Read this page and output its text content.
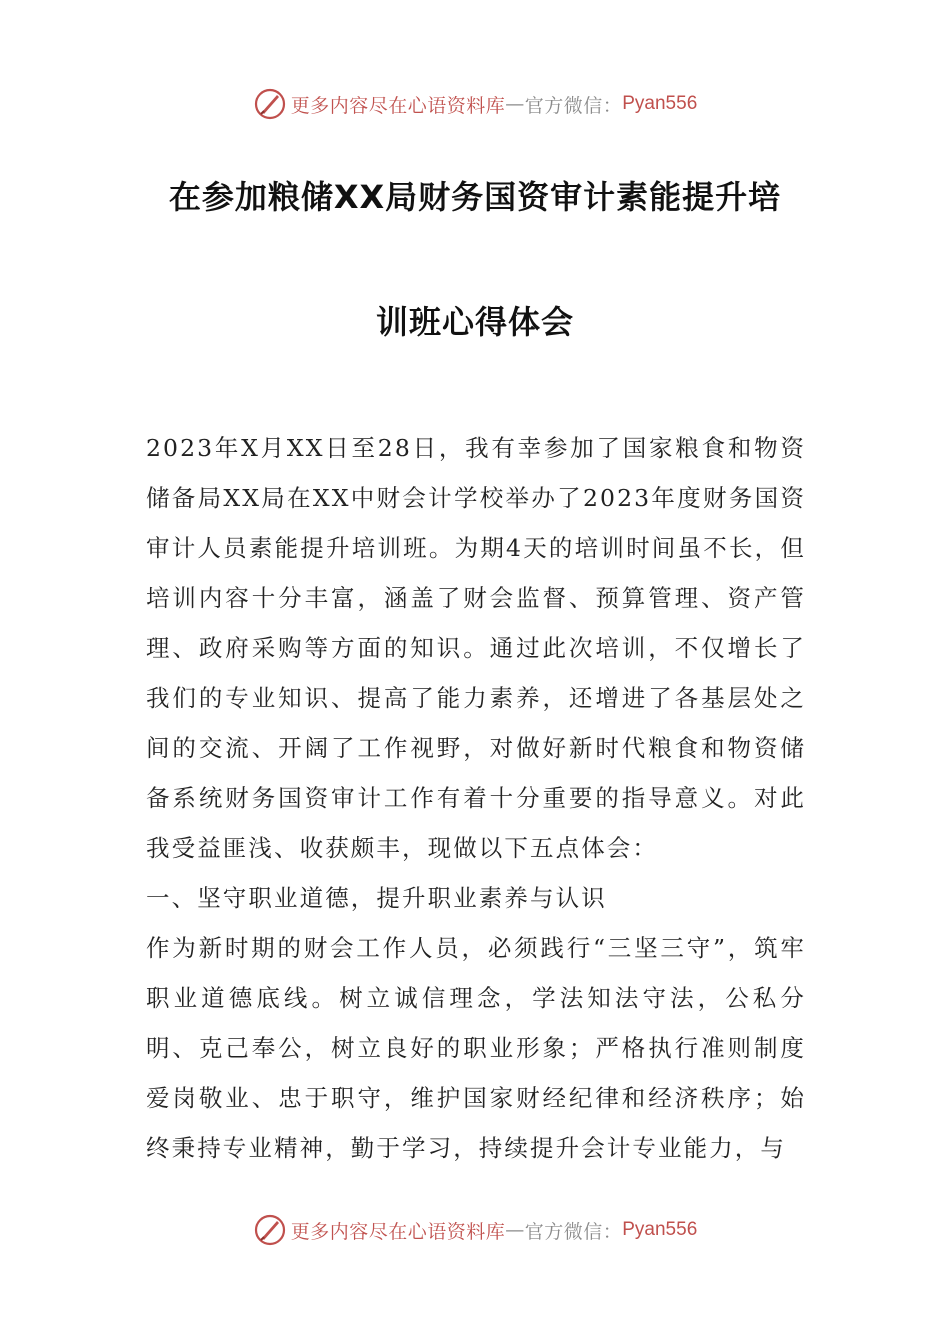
更多内容尽在心语资料库 — 官方微信： Pyan556
在参加粮储XX局财务国资审计素能提升培
训班心得体会

2023年X月XX日至28日，我有幸参加了国家粮食和物资储备局XX局在XX中财会计学校举办了2023年度财务国资审计人员素能提升培训班。为期4天的培训时间虽不长，但培训内容十分丰富，涵盖了财会监督、预算管理、资产管理、政府采购等方面的知识。通过此次培训，不仅增长了我们的专业知识、提高了能力素养，还增进了各基层处之间的交流、开阔了工作视野，对做好新时代粮食和物资储备系统财务国资审计工作有着十分重要的指导意义。对此我受益匪浅、收获颇丰，现做以下五点体会：

一、坚守职业道德，提升职业素养与认识

作为新时期的财会工作人员，必须践行“三坚三守”，筑牢职业道德底线。树立诚信理念，学法知法守法，公私分明、克己奉公，树立良好的职业形象；严格执行准则制度爱岗敬业、忠于职守，维护国家财经纪律和经济秩序；始终秉持专业精神，勤于学习，持续提升会计专业能力，与

更多内容尽在心语资料库 — 官方微信： Pyan556
